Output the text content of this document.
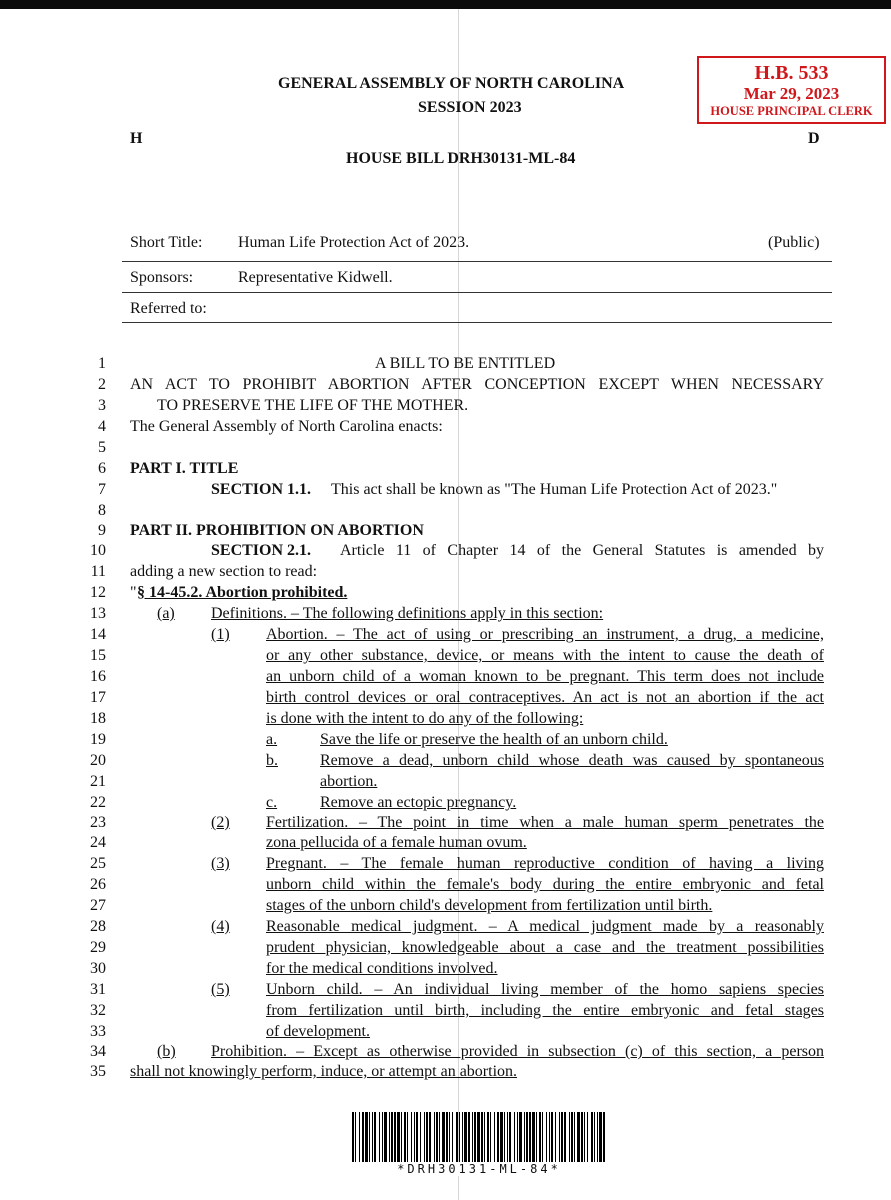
GENERAL ASSEMBLY OF NORTH CAROLINA
SESSION 2023
H	D
HOUSE BILL DRH30131-ML-84
H.B. 533
Mar 29, 2023
HOUSE PRINCIPAL CLERK
Short Title: Human Life Protection Act of 2023.	(Public)
Sponsors:	Representative Kidwell.
Referred to:
1
2
3
4
5
6
7
8
9
10
11
12
13
14
15
16
17
18
19
20
21
22
23
24
25
26
27
28
29
30
31
32
33
34
35
A BILL TO BE ENTITLED
AN ACT TO PROHIBIT ABORTION AFTER CONCEPTION EXCEPT WHEN NECESSARY
TO PRESERVE THE LIFE OF THE MOTHER.
The General Assembly of North Carolina enacts:
PART I. TITLE
SECTION 1.1. This act shall be known as "The Human Life Protection Act of 2023."
PART II. PROHIBITION ON ABORTION
SECTION 2.1. Article 11 of Chapter 14 of the General Statutes is amended by
adding a new section to read:
" § 14-45.2. Abortion prohibited.
(a) Definitions. – The following definitions apply in this section:
(1) Abortion. – The act of using or prescribing an instrument, a drug, a medicine,
or any other substance, device, or means with the intent to cause the death of
an unborn child of a woman known to be pregnant. This term does not include
birth control devices or oral contraceptives. An act is not an abortion if the act
is done with the intent to do any of the following:
a.	Save the life or preserve the health of an unborn child.
b.	Remove a dead, unborn child whose death was caused by spontaneous
abortion.
c.	Remove an ectopic pregnancy.
(2) Fertilization. – The point in time when a male human sperm penetrates the
zona pellucida of a female human ovum.
(3) Pregnant. – The female human reproductive condition of having a living
unborn child within the female's body during the entire embryonic and fetal
stages of the unborn child's development from fertilization until birth.
(4) Reasonable medical judgment. – A medical judgment made by a reasonably
prudent physician, knowledgeable about a case and the treatment possibilities
for the medical conditions involved.
(5) Unborn child. – An individual living member of the homo sapiens species
from fertilization until birth, including the entire embryonic and fetal stages
of development.
(b) Prohibition. – Except as otherwise provided in subsection (c) of this section, a person
shall not knowingly perform, induce, or attempt an abortion.
*DRH30131-ML-84*
